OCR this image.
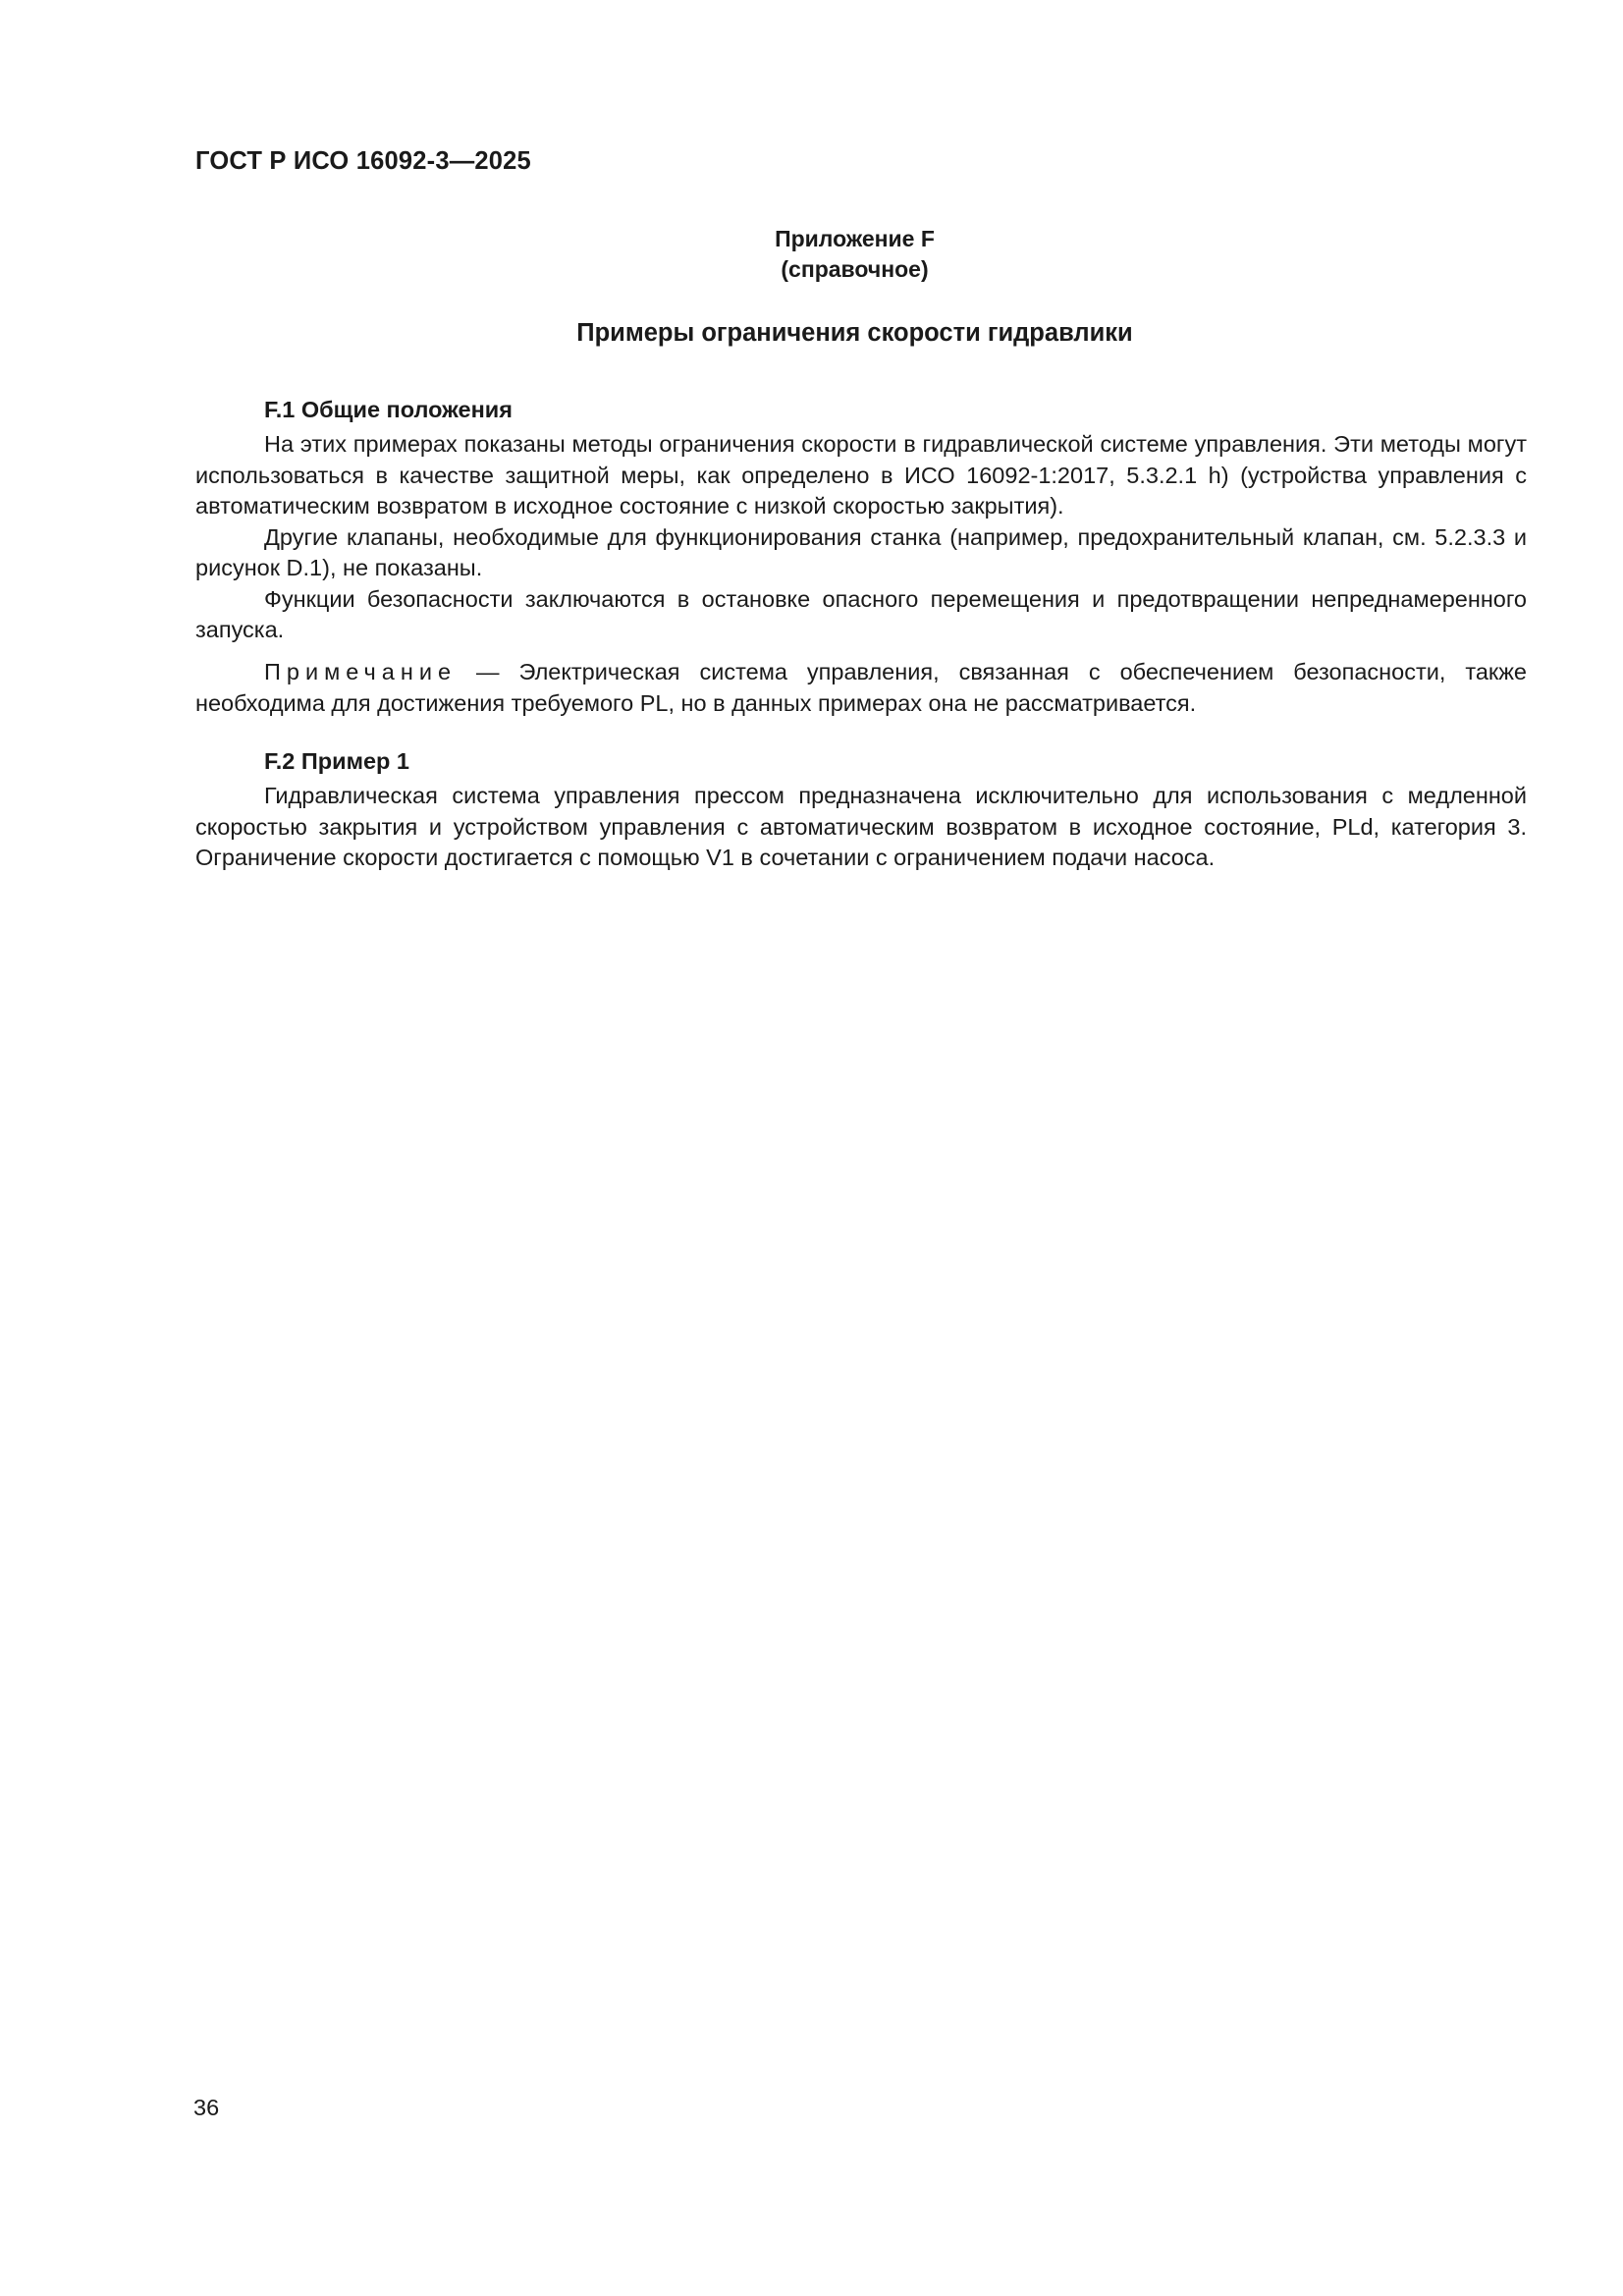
ГОСТ Р ИСО 16092-3—2025
Приложение F
(справочное)
Примеры ограничения скорости гидравлики
F.1 Общие положения

На этих примерах показаны методы ограничения скорости в гидравлической системе управления. Эти методы могут использоваться в качестве защитной меры, как определено в ИСО 16092-1:2017, 5.3.2.1 h) (устройства управления с автоматическим возвратом в исходное состояние с низкой скоростью закрытия).

Другие клапаны, необходимые для функционирования станка (например, предохранительный клапан, см. 5.2.3.3 и рисунок D.1), не показаны.

Функции безопасности заключаются в остановке опасного перемещения и предотвращении непреднамеренного запуска.

Примечание — Электрическая система управления, связанная с обеспечением безопасности, также необходима для достижения требуемого PL, но в данных примерах она не рассматривается.

F.2 Пример 1

Гидравлическая система управления прессом предназначена исключительно для использования с медленной скоростью закрытия и устройством управления с автоматическим возвратом в исходное состояние, PLd, категория 3. Ограничение скорости достигается с помощью V1 в сочетании с ограничением подачи насоса.

36
